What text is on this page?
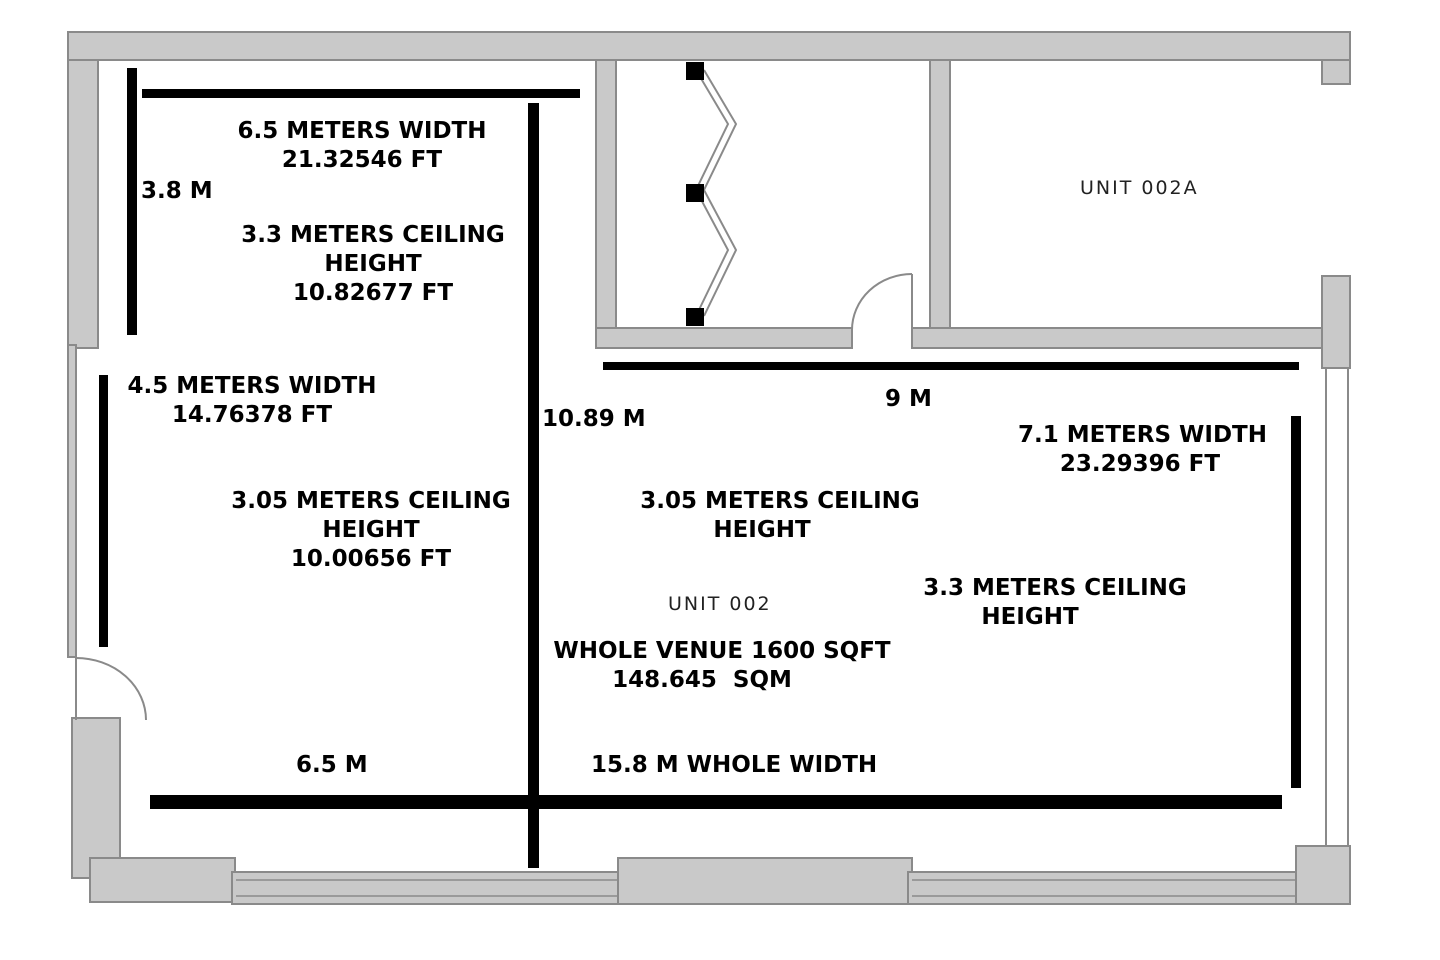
UNIT 002A
UNIT 002
6.5 METERS WIDTH
21.32546 FT
3.8 M
3.3 METERS CEILING
HEIGHT
10.82677 FT
4.5 METERS WIDTH
14.76378 FT
3.05 METERS CEILING
HEIGHT
10.00656 FT
10.89 M
9 M
7.1 METERS WIDTH
23.29396 FT
3.05 METERS CEILING
HEIGHT
3.3 METERS CEILING
HEIGHT
WHOLE VENUE 1600 SQFT
148.645  SQM
6.5 M	15.8 M WHOLE WIDTH
